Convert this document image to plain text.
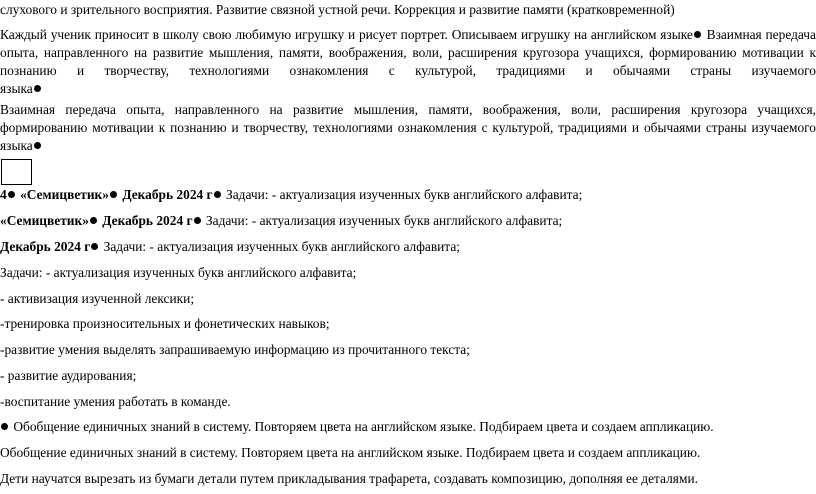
слухового и зрительного восприятия. Развитие связной устной речи. Коррекция и развитие памяти (кратковременной)
Каждый ученик приносит в школу свою любимую игрушку и рисует портрет. Описываем игрушку на английском языке Взаимная передача
опыта, направленного на развитие мышления, памяти, воображения, воли, расширения кругозора учащихся, формированию мотивации к
познанию и творчеству, технологиями ознакомления с культурой, традициями и обычаями страны изучаемого
языка
Взаимная передача опыта, направленного на развитие мышления, памяти, воображения, воли, расширения кругозора учащихся,
формированию мотивации к познанию и творчеству, технологиями ознакомления с культурой, традициями и обычаями страны изучаемого
языка
4 «Семицветик» Декабрь 2024 г Задачи: - актуализация изученных букв английского алфавита;
«Семицветик» Декабрь 2024 г Задачи: - актуализация изученных букв английского алфавита;
Декабрь 2024 г Задачи: - актуализация изученных букв английского алфавита;
Задачи: - актуализация изученных букв английского алфавита;
- активизация изученной лексики;
-тренировка произносительных и фонетических навыков;
-развитие умения выделять запрашиваемую информацию из прочитанного текста;
- развитие аудирования;
-воспитание умения работать в команде.
Обобщение единичных знаний в систему. Повторяем цвета на английском языке. Подбираем цвета и создаем аппликацию.
Обобщение единичных знаний в систему. Повторяем цвета на английском языке. Подбираем цвета и создаем аппликацию.
Дети научатся вырезать из бумаги детали путем прикладывания трафарета, создавать композицию, дополняя ее деталями.
